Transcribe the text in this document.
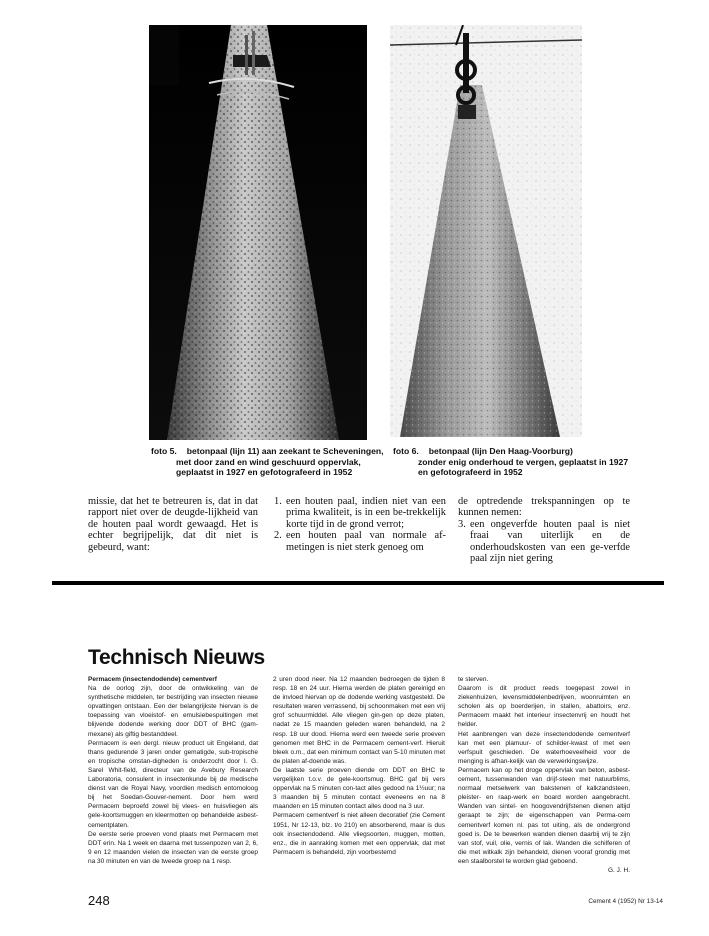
foto 5. betonpaal (lijn 11) aan zeekant te Scheveningen,
met door zand en wind geschuurd oppervlak,
geplaatst in 1927 en gefotografeerd in 1952
foto 6. betonpaal (lijn Den Haag-Voorburg)
zonder enig onderhoud te vergen, geplaatst in 1927
en gefotografeerd in 1952

missie, dat het te betreuren is, dat in dat rapport niet over de deugde-lijkheid van de houten paal wordt gewaagd. Het is echter begrijpelijk, dat dit niet is gebeurd, want:

1. een houten paal, indien niet van een prima kwaliteit, is in een be-trekkelijk korte tijd in de grond verrot;
2. een houten paal van normale af-metingen is niet sterk genoeg om

de optredende trekspanningen op te kunnen nemen:

3. een ongeverfde houten paal is niet fraai van uiterlijk en de onderhoudskosten van een ge-verfde paal zijn niet gering
Technisch Nieuws

Permacem (insectendodende) cementverf

Na de oorlog zijn, door de ontwikkeling van de synthetische middelen, ter bestrijding van insecten nieuwe opvattingen ontstaan. Een der belangrijkste hiervan is de toepassing van vloeistof- en emulsiebespuitingen met blijvende dodende werking door DDT of BHC (gam-mexane) als giftig bestanddeel.

Permacem is een dergl. nieuw product uit Engeland, dat thans gedurende 3 jaren onder gematigde, sub-tropische en tropische omstan-digheden is onderzocht door I. G. Sarel Whit-field, directeur van de Avebury Research Laboratoria, consulent in insectenkunde bij de medische dienst van de Royal Navy, voordien medisch entomoloog bij het Soedan-Gouver-nement. Door hem werd Permacem beproefd zowel bij vlees- en huisvliegen als gele-koortsmuggen en kleermotten op behandelde asbest-cementplaten.

De eerste serie proeven vond plaats met Permacem met DDT erin. Na 1 week en daarna met tussenpozen van 2, 6, 9 en 12 maanden vielen de insecten van de eerste groep na 30 minuten en van de tweede groep na 1 resp.

2 uren dood neer. Na 12 maanden bedroegen de tijden 8 resp. 18 en 24 uur. Hierna werden de platen gereinigd en de invloed hiervan op de dodende werking vastgesteld. De resultaten waren verrassend, bij schoonmaken met een vrij grof schuurmiddel. Alle vliegen gin-gen op deze platen, nadat ze 15 maanden geleden waren behandeld, na 2 resp. 18 uur dood. Hierna werd een tweede serie proeven genomen met BHC in de Permacem cement-verf. Hieruit bleek o.m., dat een minimum contact van 5-10 minuten met de platen af-doende was.

De laatste serie proeven diende om DDT en BHC te vergelijken t.o.v. de gele-koortsmug. BHC gaf bij vers oppervlak na 5 minuten con-tact alles gedood na 1½uur; na 3 maanden bij 5 minuten contact eveneens en na 8 maanden en 15 minuten contact alles dood na 3 uur.

Permacem cementverf is niet alleen decoratief (zie Cement 1951, Nr 12-13, blz. t/o 210) en absorberend, maar is dus ook insectendodend. Alle vliegsoorten, muggen, motten, enz., die in aanraking komen met een oppervlak, dat met Permacem is behandeld, zijn voorbestemd

te sterven.

Daarom is dit product reeds toegepast zowel in ziekenhuizen, levensmiddelenbedrijven, woonruimten en scholen als op boerderijen, in stallen, abattoirs, enz. Permacem maakt het interieur insectenvrij en houdt het helder.

Het aanbrengen van deze insectendodende cementverf kan met een plamuur- of schilder-kwast of met een verfspuit geschieden. De waterhoeveelheid voor de menging is afhan-kelijk van de verwerkingswijze.

Permacem kan op het droge oppervlak van beton, asbest-cement, tussenwanden van drijf-steen met natuurblims, normaal metselwerk van bakstenen of kalkzandsteen, pleister- en raap-werk en board worden aangebracht. Wanden van sintel- en hoogovendrijfstenen dienen altijd geraapt te zijn; de eigenschappen van Perma-cem cementverf komen nl. pas tot uiting, als de ondergrond goed is. De te bewerken wanden dienen daarbij vrij te zijn van stof, vuil, olie, vernis of lak. Wanden die schilferen of die met witkalk zijn behandeld, dienen vooraf grondig met een staalborstel te worden glad geboend.

G. J. H.

248	Cement 4 (1952) Nr 13-14
